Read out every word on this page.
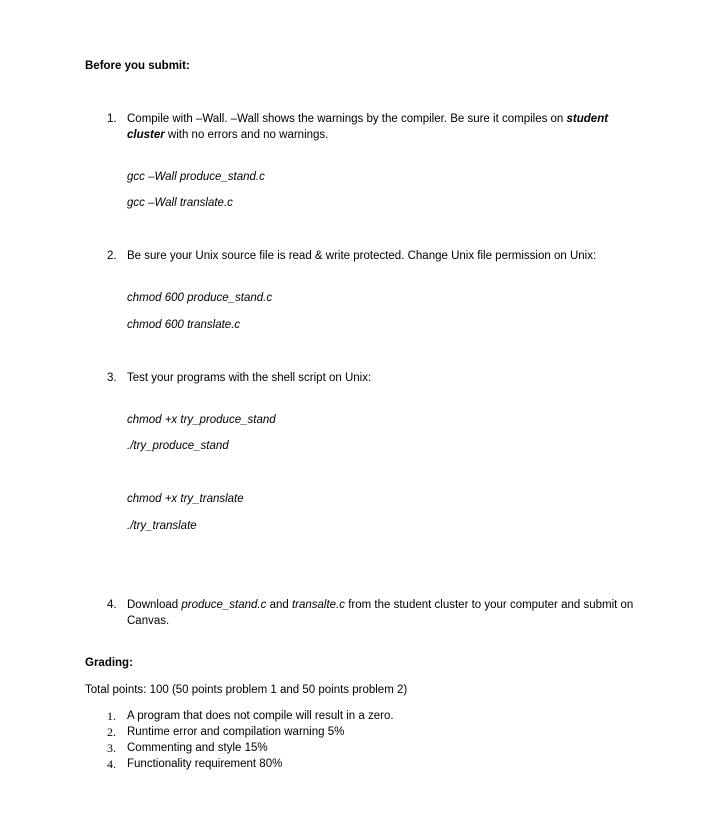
Before you submit:
1. Compile with –Wall. –Wall shows the warnings by the compiler. Be sure it compiles on student cluster with no errors and no warnings.
gcc –Wall produce_stand.c
gcc –Wall translate.c
2. Be sure your Unix source file is read & write protected. Change Unix file permission on Unix:
chmod 600 produce_stand.c
chmod 600 translate.c
3. Test your programs with the shell script on Unix:
chmod +x try_produce_stand
./try_produce_stand
chmod +x try_translate
./try_translate
4. Download produce_stand.c and transalte.c from the student cluster to your computer and submit on Canvas.
Grading:
Total points: 100 (50 points problem 1 and 50 points problem 2)
1. A program that does not compile will result in a zero.
2. Runtime error and compilation warning 5%
3. Commenting and style 15%
4. Functionality requirement 80%
